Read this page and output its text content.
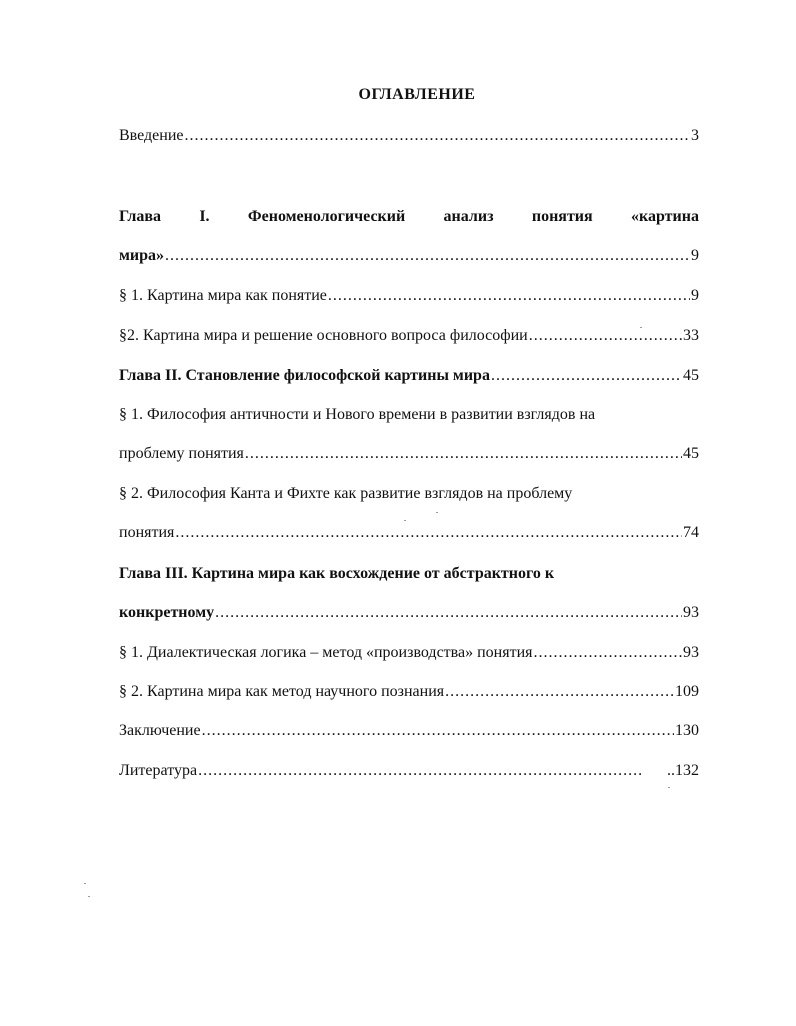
ОГЛАВЛЕНИЕ
Введение .....	3
Глава I. Феноменологический анализ понятия «картина
мира» .....	9
§ 1. Картина мира как понятие .....	9
§2. Картина мира и решение основного вопроса философии .....	33
Глава II. Становление философской картины мира .....	45
§ 1. Философия античности и Нового времени в развитии взглядов на
проблему понятия .....	45
§ 2. Философия Канта и Фихте как развитие взглядов на проблему
понятия .....	74
Глава III. Картина мира как восхождение от абстрактного к
конкретному .....	93
§ 1. Диалектическая логика – метод «производства» понятия .....	93
§ 2. Картина мира как метод научного познания .....	109
Заключение .....	130
Литература .....	..132
